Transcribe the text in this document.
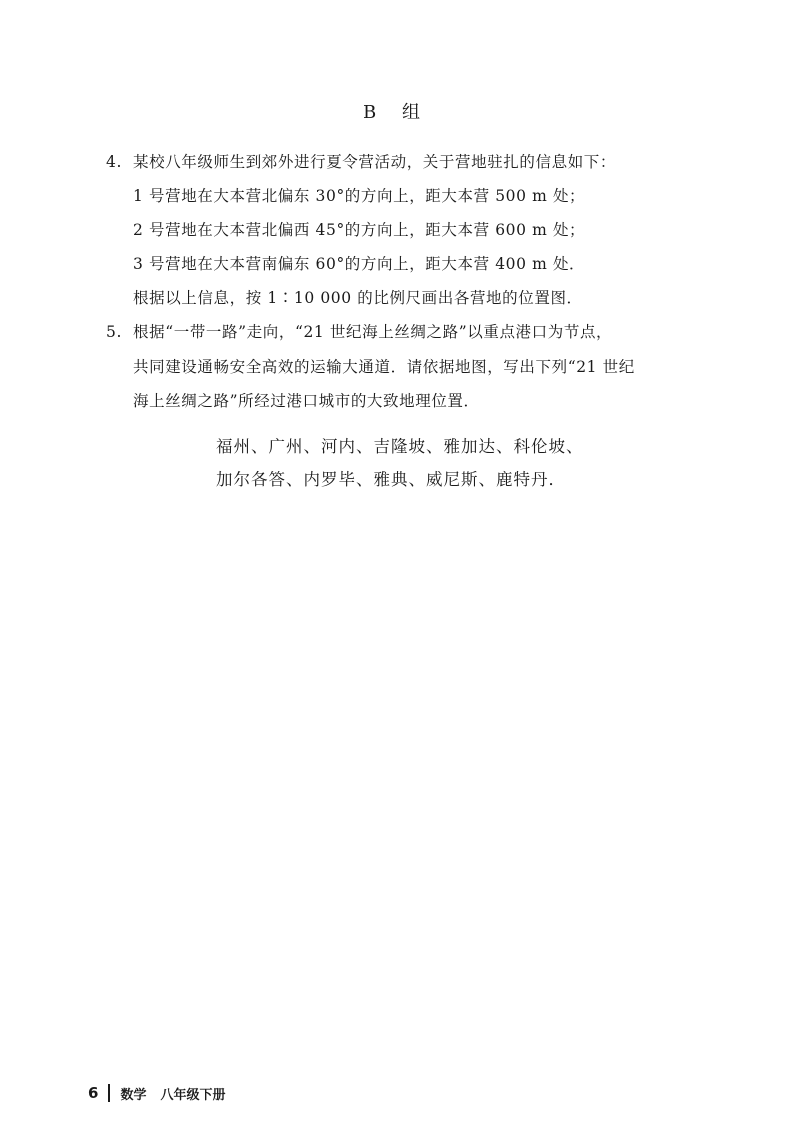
B 组
4. 某校八年级师生到郊外进行夏令营活动，关于营地驻扎的信息如下：
1 号营地在大本营北偏东 30°的方向上，距大本营 500 m 处；
2 号营地在大本营北偏西 45°的方向上，距大本营 600 m 处；
3 号营地在大本营南偏东 60°的方向上，距大本营 400 m 处．
根据以上信息，按 1∶10 000 的比例尺画出各营地的位置图．
5. 根据“一带一路”走向，“21 世纪海上丝绸之路”以重点港口为节点，
共同建设通畅安全高效的运输大通道．请依据地图，写出下列“21 世纪
海上丝绸之路”所经过港口城市的大致地理位置．
福州、广州、河内、吉隆坡、雅加达、科伦坡、
加尔各答、内罗毕、雅典、威尼斯、鹿特丹．
6 数学 八年级下册
